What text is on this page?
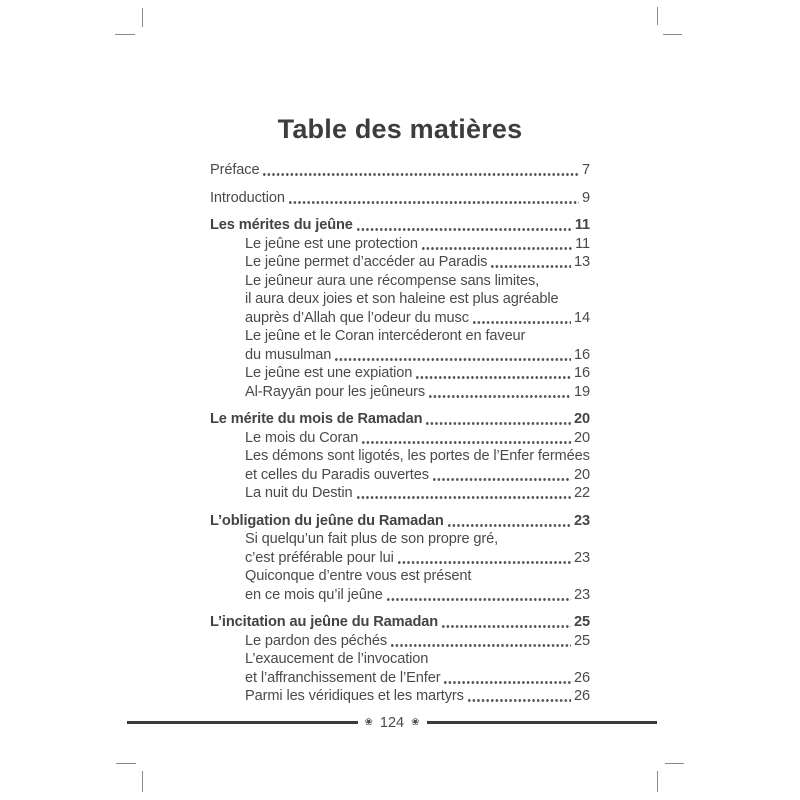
Table des matières
Préface	7
Introduction	9
Les mérites du jeûne	11
Le jeûne est une protection	11
Le jeûne permet d’accéder au Paradis	13
Le jeûneur aura une récompense sans limites,
il aura deux joies et son haleine est plus agréable
auprès d’Allah que l’odeur du musc	14
Le jeûne et le Coran intercéderont en faveur
du musulman	16
Le jeûne est une expiation	16
Al-Rayyān pour les jeûneurs	19
Le mérite du mois de Ramadan	20
Le mois du Coran	20
Les démons sont ligotés, les portes de l’Enfer fermées
et celles du Paradis ouvertes	20
La nuit du Destin	22
L’obligation du jeûne du Ramadan	23
Si quelqu’un fait plus de son propre gré,
c’est préférable pour lui	23
Quiconque d’entre vous est présent
en ce mois qu’il jeûne	23
L’incitation au jeûne du Ramadan	25
Le pardon des péchés	25
L’exaucement de l’invocation
et l’affranchissement de l’Enfer	26
Parmi les véridiques et les martyrs	26
❀ 124 ❀
